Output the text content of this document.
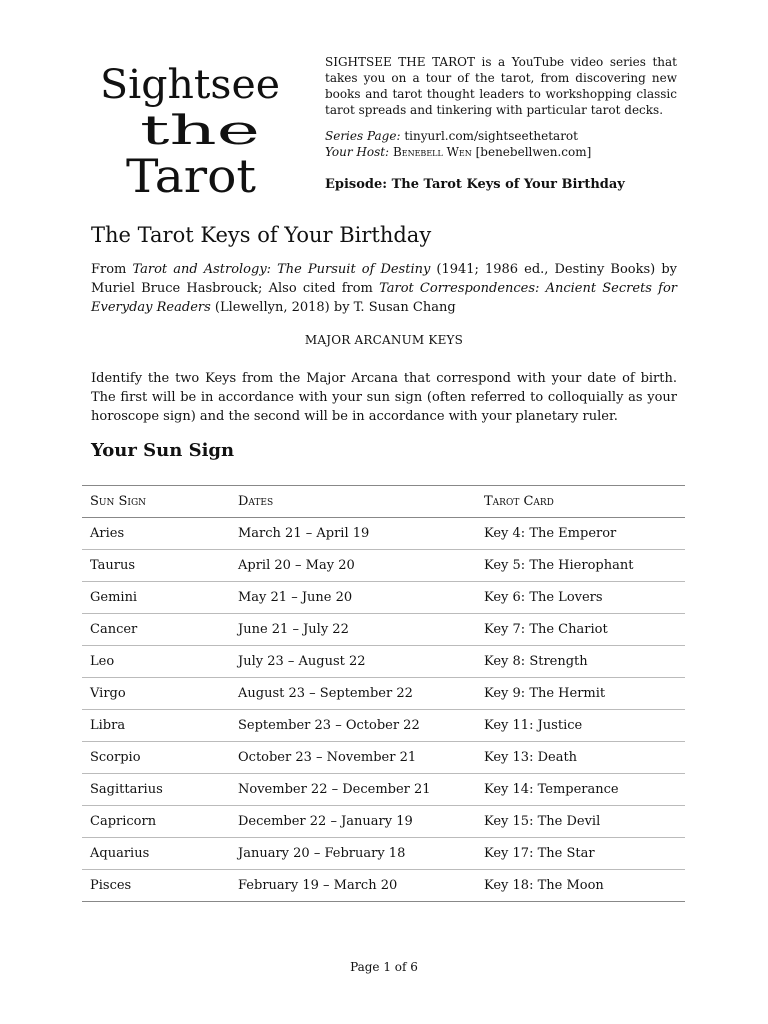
Sightsee
the
Tarot

SIGHTSEE THE TAROT is a YouTube video series that takes you on a tour of the tarot, from discovering new books and tarot thought leaders to workshopping classic tarot spreads and tinkering with particular tarot decks.

Series Page: tinyurl.com/sightseethetarot
Your Host: Benebell Wen [benebellwen.com]
Episode: The Tarot Keys of Your Birthday
The Tarot Keys of Your Birthday

From Tarot and Astrology: The Pursuit of Destiny (1941; 1986 ed., Destiny Books) by Muriel Bruce Hasbrouck; Also cited from Tarot Correspondences: Ancient Secrets for Everyday Readers (Llewellyn, 2018) by T. Susan Chang

MAJOR ARCANUM KEYS

Identify the two Keys from the Major Arcana that correspond with your date of birth. The first will be in accordance with your sun sign (often referred to colloquially as your horoscope sign) and the second will be in accordance with your planetary ruler.

Your Sun Sign
Sun Sign	Dates	Tarot Card
Aries	March 21 – April 19	Key 4: The Emperor
Taurus	April 20 – May 20	Key 5: The Hierophant
Gemini	May 21 – June 20	Key 6: The Lovers
Cancer	June 21 – July 22	Key 7: The Chariot
Leo	July 23 – August 22	Key 8: Strength
Virgo	August 23 – September 22	Key 9: The Hermit
Libra	September 23 – October 22	Key 11: Justice
Scorpio	October 23 – November 21	Key 13: Death
Sagittarius	November 22 – December 21	Key 14: Temperance
Capricorn	December 22 – January 19	Key 15: The Devil
Aquarius	January 20 – February 18	Key 17: The Star
Pisces	February 19 – March 20	Key 18: The Moon
Page 1 of 6
